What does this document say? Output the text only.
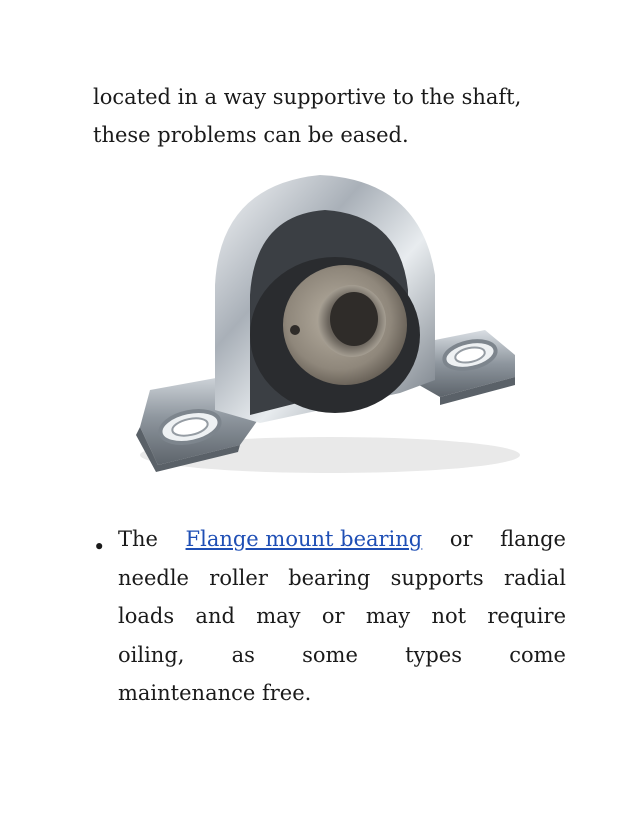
located in a way supportive to the shaft,
these problems can be eased.
• The Flange mount bearing or flange
needle roller bearing supports radial
loads and may or may not require
oiling, as some types come
maintenance free.
